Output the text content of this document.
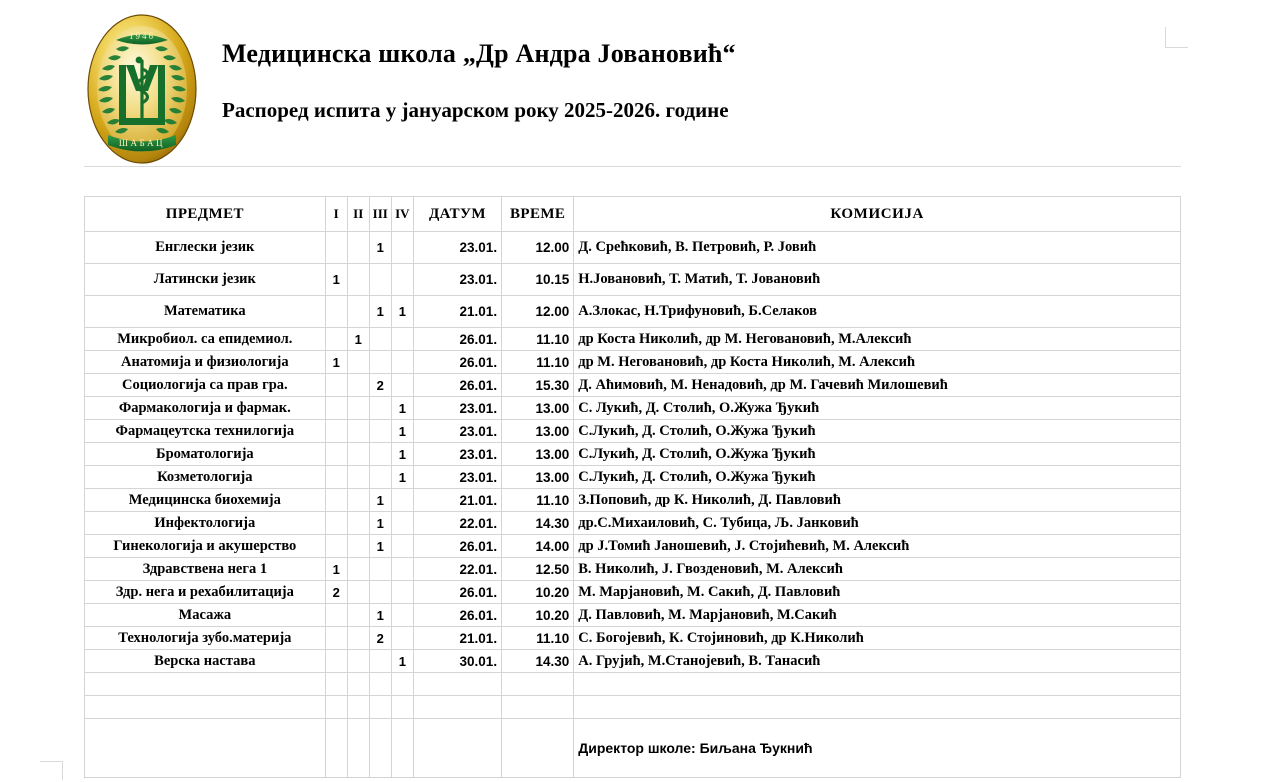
1946
ШАБАЦ
Медицинска школа „Др Андра Јовановић“
Распоред испита у јануарском року 2025-2026. године
ПРЕДМЕТ	I	II	III	IV	ДАТУМ	ВРЕМЕ	КОМИСИЈА
Енглески језик			1		23.01.	12.00	Д. Срећковић, В. Петровић, Р. Јовић
Латински језик	1				23.01.	10.15	Н.Јовановић, Т. Матић, Т. Јовановић
Математика			1	1	21.01.	12.00	А.Злокас, Н.Трифуновић, Б.Селаков
Микробиол. са епидемиол.		1			26.01.	11.10	др Коста Николић, др М. Неговановић, М.Алексић
Анатомија и физиологија	1				26.01.	11.10	др М. Неговановић, др Коста Николић, М. Алексић
Социологија са прав гра.			2		26.01.	15.30	Д. Аћимовић, М. Ненадовић, др М. Гачевић Милошевић
Фармакологија и фармак.				1	23.01.	13.00	С. Лукић, Д. Столић, О.Жужа Ђукић
Фармацеутска технилогија				1	23.01.	13.00	С.Лукић, Д. Столић, О.Жужа Ђукић
Броматологија				1	23.01.	13.00	С.Лукић, Д. Столић, О.Жужа Ђукић
Козметологија				1	23.01.	13.00	С.Лукић, Д. Столић, О.Жужа Ђукић
Медицинска биохемија			1		21.01.	11.10	З.Поповић, др К. Николић, Д. Павловић
Инфектологија			1		22.01.	14.30	др.С.Михаиловић, С. Тубица, Љ. Јанковић
Гинекологија и акушерство			1		26.01.	14.00	др Ј.Томић Јаношевић, Ј. Стојићевић, М. Алексић
Здравствена нега 1	1				22.01.	12.50	В. Николић, Ј. Гвозденовић, М. Алексић
Здр. нега и рехабилитација	2				26.01.	10.20	М. Марјановић, М. Сакић, Д. Павловић
Масажа			1		26.01.	10.20	Д. Павловић, М. Марјановић, М.Сакић
Технологија зубо.материја			2		21.01.	11.10	С. Богојевић, К. Стојиновић, др К.Николић
Верска настава				1	30.01.	14.30	А. Грујић, М.Станојевић, В. Танасић

							Директор школе: Биљана Ђукнић
